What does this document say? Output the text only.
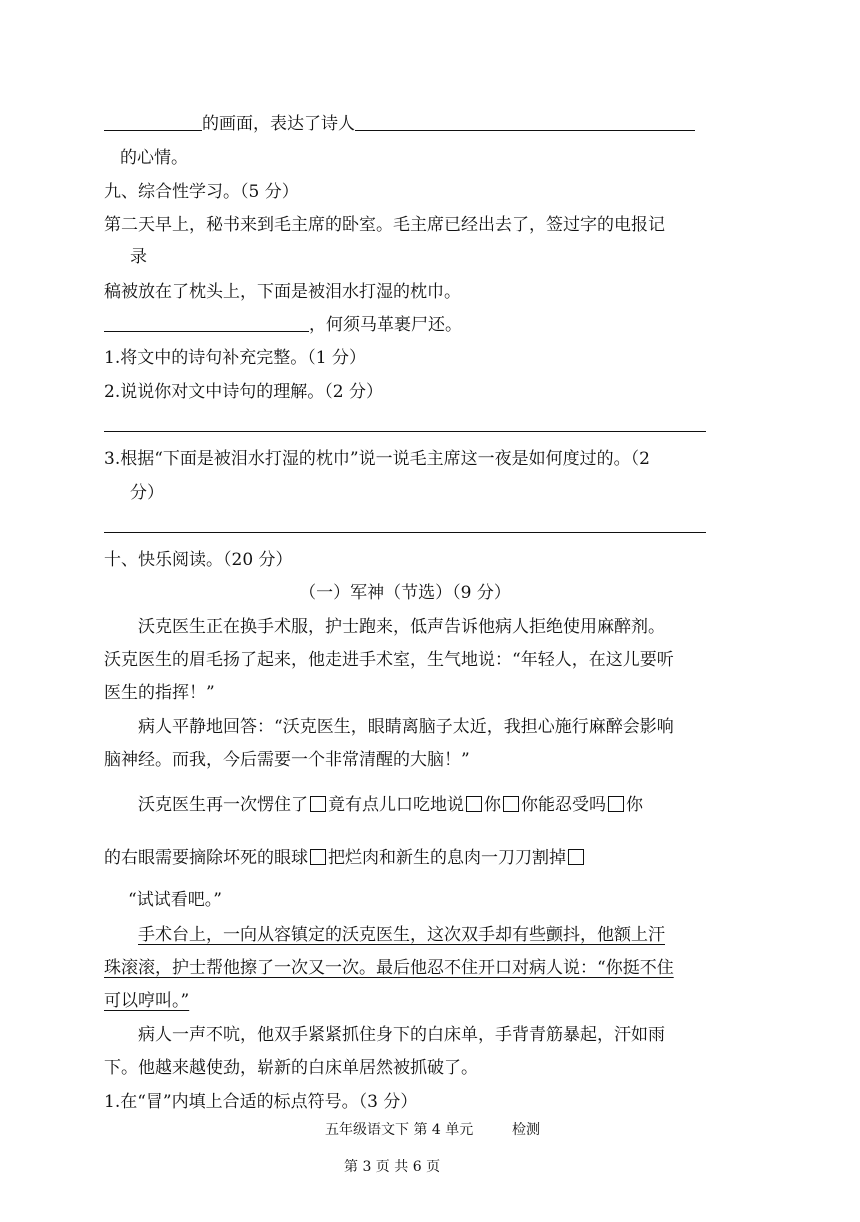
的画面，表达了诗人
的心情。
九、综合性学习。（5 分）
第二天早上，秘书来到毛主席的卧室。毛主席已经出去了，签过字的电报记
录
稿被放在了枕头上，下面是被泪水打湿的枕巾。
，何须马革裹尸还。
1.将文中的诗句补充完整。（1 分）
2.说说你对文中诗句的理解。（2 分）
3.根据“下面是被泪水打湿的枕巾”说一说毛主席这一夜是如何度过的。（2
分）
十、快乐阅读。（20 分）
（一）军神（节选）（9 分）
沃克医生正在换手术服，护士跑来，低声告诉他病人拒绝使用麻醉剂。
沃克医生的眉毛扬了起来，他走进手术室，生气地说：“年轻人，在这儿要听
医生的指挥！”
病人平静地回答：“沃克医生，眼睛离脑子太近，我担心施行麻醉会影响
脑神经。而我，今后需要一个非常清醒的大脑！”
沃克医生再一次愣住了 竟有点儿口吃地说 你 你能忍受吗 你
的右眼需要摘除坏死的眼球 把烂肉和新生的息肉一刀刀割掉
“试试看吧。”
手术台上，一向从容镇定的沃克医生，这次双手却有些颤抖，他额上汗
珠滚滚，护士帮他擦了一次又一次。最后他忍不住开口对病人说：“你挺不住
可以哼叫。”
病人一声不吭，他双手紧紧抓住身下的白床单，手背青筋暴起，汗如雨
下。他越来越使劲，崭新的白床单居然被抓破了。
1.在“冒”内填上合适的标点符号。（3 分）
五年级语文下 第 4 单元	检测
第 3 页 共 6 页
